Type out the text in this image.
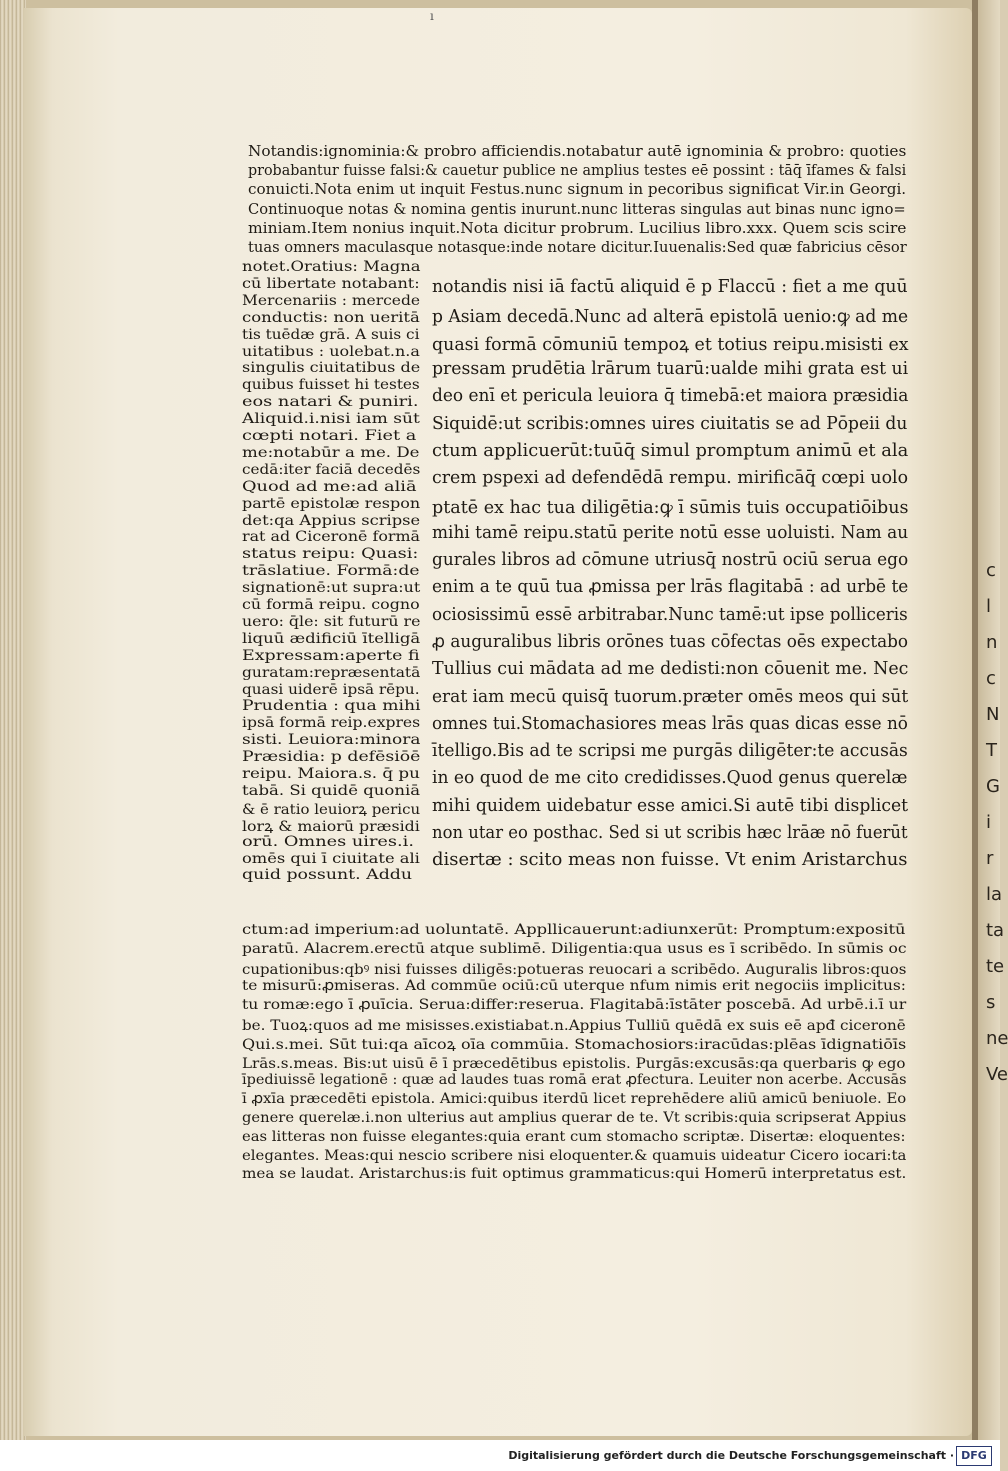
ı
c
l
n
c
N
T
G
i
r
la
ta
te
s
ne
Ve
Notandis:ignominia:& probro afficiendis.notabatur autē ignominia & probro: quoties
probabantur fuisse falsi:& cauetur publice ne amplius testes eē possint : tāq̄ īfames & falsi
conuicti.Nota enim ut inquit Festus.nunc signum in pecoribus significat Vir.in Georgi.
Continuoque notas & nomina gentis inurunt.nunc litteras singulas aut binas nunc igno=
miniam.Item nonius inquit.Nota dicitur probrum. Lucilius libro.xxx. Quem scis scire
tuas omners maculasque notasque:inde notare dicitur.Iuuenalis:Sed quæ fabricius cēsor
notet.Oratius: Magna
cū libertate notabant:
Mercenariis : mercede
conductis: non ueritā
tis tuēdæ grā. A suis ci
uitatibus : uolebat.n.a
singulis ciuitatibus de
quibus fuisset hi testes
eos natari & puniri.
Aliquid.i.nisi iam sūt
cœpti notari. Fiet a
me:notabūr a me. De
cedā:iter faciā decedēs
Quod ad me:ad aliā
partē epistolæ respon
det:qa Appius scripse
rat ad Ciceronē formā
status reipu: Quasi:
trāslatiue. Formā:de
signationē:ut supra:ut
cū formā reipu. cogno
uero: q̄le: sit futurū re
liquū ædificiū ītelligā
Expressam:aperte fi
guratam:repræsentatā
quasi uiderē ipsā rēpu.
Prudentia : qua mihi
ipsā formā reip.expres
sisti. Leuiora:minora
Præsidia: p defēsiōē
reipu. Maiora.s. q̄ pu
tabā. Si quidē quoniā
& ē ratio leuiorꝝ pericu
lorꝝ & maiorū præsidi
orū. Omnes uires.i.
omēs qui ī ciuitate ali
quid possunt. Addu
notandis nisi iā factū aliquid ē p Flaccū : fiet a me quū
p Asiam decedā.Nunc ad alterā epistolā uenio:ꝙ ad me
quasi formā cōmuniū tempoꝝ et totius reipu.misisti ex
pressam prudētia lrārum tuarū:ualde mihi grata est ui
deo enī et pericula leuiora q̄ timebā:et maiora præsidia
Siquidē:ut scribis:omnes uires ciuitatis se ad Pōpeii du
ctum applicuerūt:tuūq̄ simul promptum animū et ala
crem pspexi ad defendēdā rempu. mirificāq̄ cœpi uolo
ptatē ex hac tua diligētia:ꝙ ī sūmis tuis occupatiōibus
mihi tamē reipu.statū perite notū esse uoluisti. Nam au
gurales libros ad cōmune utriusq̄ nostrū ociū serua ego
enim a te quū tua ꝓmissa per lrās flagitabā : ad urbē te
ociosissimū essē arbitrabar.Nunc tamē:ut ipse polliceris
ꝓ auguralibus libris orōnes tuas cōfectas oēs expectabo
Tullius cui mādata ad me dedisti:non cōuenit me. Nec
erat iam mecū quisq̄ tuorum.præter omēs meos qui sūt
omnes tui.Stomachasiores meas lrās quas dicas esse nō
ītelligo.Bis ad te scripsi me purgās diligēter:te accusās
in eo quod de me cito credidisses.Quod genus querelæ
mihi quidem uidebatur esse amici.Si autē tibi displicet
non utar eo posthac. Sed si ut scribis hæc lrāæ nō fuerūt
disertæ : scito meas non fuisse. Vt enim Aristarchus
ctum:ad imperium:ad uoluntatē. Appllicauerunt:adiunxerūt: Promptum:expositū
paratū. Alacrem.erectū atque sublimē. Diligentia:qua usus es ī scribēdo. In sūmis oc
cupationibus:qbꝰ nisi fuisses diligēs:potueras reuocari a scribēdo. Auguralis libros:quos
te misurū:ꝓmiseras. Ad commūe ociū:cū uterque nfum nimis erit negociis implicitus:
tu romæ:ego ī ꝓuīcia. Serua:differ:reserua. Flagitabā:īstāter poscebā. Ad urbē.i.ī ur
be. Tuoꝝ:quos ad me misisses.existiabat.n.Appius Tulliū quēdā ex suis eē apđ ciceronē
Qui.s.mei. Sūt tui:qa aīcoꝝ oīa commūia. Stomachosiors:iracūdas:plēas īdignatiōīs
Lrās.s.meas. Bis:ut uisū ē ī præcedētibus epistolis. Purgās:excusās:qa querbaris ꝙ ego
īpediuissē legationē : quæ ad laudes tuas romā erat ꝓfectura. Leuiter non acerbe. Accusās
ī ꝓxīa præcedēti epistola. Amici:quibus iterdū licet reprehēdere aliū amicū beniuole. Eo
genere querelæ.i.non ulterius aut amplius querar de te. Vt scribis:quia scripserat Appius
eas litteras non fuisse elegantes:quia erant cum stomacho scriptæ. Disertæ: eloquentes:
elegantes. Meas:qui nescio scribere nisi eloquenter.& quamuis uideatur Cicero iocari:ta
mea se laudat. Aristarchus:is fuit optimus grammaticus:qui Homerū interpretatus est.
Digitalisierung gefördert durch die Deutsche Forschungsgemeinschaft · DFG
